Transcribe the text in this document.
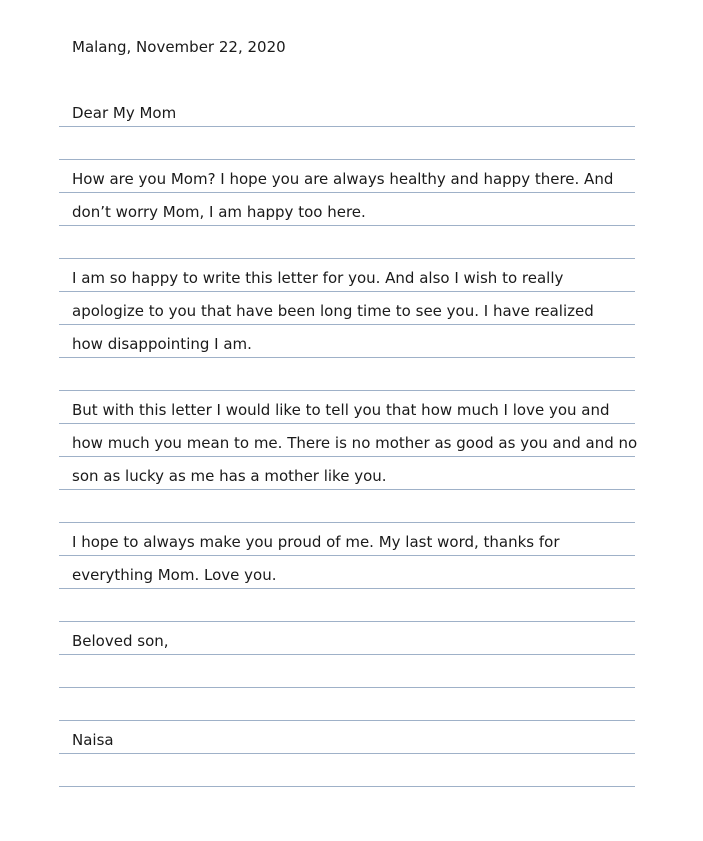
Malang, November 22, 2020
Dear My Mom
How are you Mom? I hope you are always healthy and happy there. And
don’t worry Mom, I am happy too here.
I am so happy to write this letter for you. And also I wish to really
apologize to you that have been long time to see you. I have realized
how disappointing I am.
But with this letter I would like to tell you that how much I love you and
how much you mean to me. There is no mother as good as you and and no
son as lucky as me has a mother like you.
I hope to always make you proud of me. My last word, thanks for
everything Mom. Love you.
Beloved son,
Naisa
